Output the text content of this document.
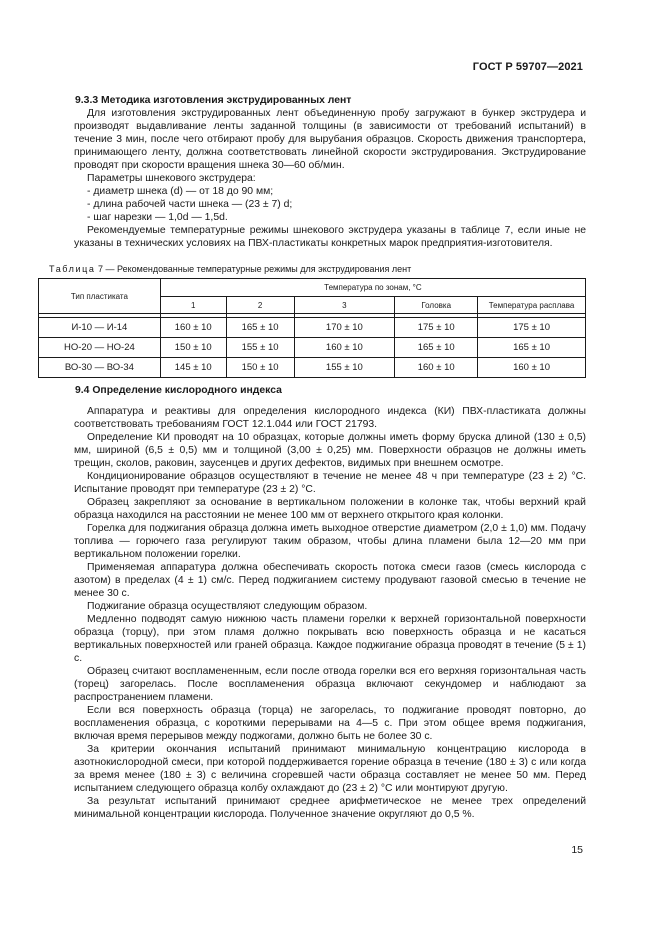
ГОСТ Р 59707—2021

9.3.3 Методика изготовления экструдированных лент

Для изготовления экструдированных лент объединенную пробу загружают в бункер экструдера и производят выдавливание ленты заданной толщины (в зависимости от требований испытаний) в течение 3 мин, после чего отбирают пробу для вырубания образцов. Скорость движения транспортера, принимающего ленту, должна соответствовать линейной скорости экструдирования. Экструдирование проводят при скорости вращения шнека 30—60 об/мин.

Параметры шнекового экструдера:

- диаметр шнека (d) — от 18 до 90 мм;

- длина рабочей части шнека — (23 ± 7) d;

- шаг нарезки — 1,0d — 1,5d.

Рекомендуемые температурные режимы шнекового экструдера указаны в таблице 7, если иные не указаны в технических условиях на ПВХ-пластикаты конкретных марок предприятия-изготовителя.

Таблица 7 — Рекомендованные температурные режимы для экструдирования лент
Тип пластиката	Температура по зонам, °С				
	1	2	3	Головка	Температура расплава

И-10 — И-14	160 ± 10	165 ± 10	170 ± 10	175 ± 10	175 ± 10
НО-20 — НО-24	150 ± 10	155 ± 10	160 ± 10	165 ± 10	165 ± 10
ВО-30 — ВО-34	145 ± 10	150 ± 10	155 ± 10	160 ± 10	160 ± 10

9.4 Определение кислородного индекса

Аппаратура и реактивы для определения кислородного индекса (КИ) ПВХ-пластиката должны соответствовать требованиям ГОСТ 12.1.044 или ГОСТ 21793.

Определение КИ проводят на 10 образцах, которые должны иметь форму бруска длиной (130 ± 0,5) мм, шириной (6,5 ± 0,5) мм и толщиной (3,00 ± 0,25) мм. Поверхности образцов не должны иметь трещин, сколов, раковин, заусенцев и других дефектов, видимых при внешнем осмотре.

Кондиционирование образцов осуществляют в течение не менее 48 ч при температуре (23 ± 2) °С. Испытание проводят при температуре (23 ± 2) °С.

Образец закрепляют за основание в вертикальном положении в колонке так, чтобы верхний край образца находился на расстоянии не менее 100 мм от верхнего открытого края колонки.

Горелка для поджигания образца должна иметь выходное отверстие диаметром (2,0 ± 1,0) мм. Подачу топлива — горючего газа регулируют таким образом, чтобы длина пламени была 12—20 мм при вертикальном положении горелки.

Применяемая аппаратура должна обеспечивать скорость потока смеси газов (смесь кислорода с азотом) в пределах (4 ± 1) см/с. Перед поджиганием систему продувают газовой смесью в течение не менее 30 с.

Поджигание образца осуществляют следующим образом.

Медленно подводят самую нижнюю часть пламени горелки к верхней горизонтальной поверхности образца (торцу), при этом пламя должно покрывать всю поверхность образца и не касаться вертикальных поверхностей или граней образца. Каждое поджигание образца проводят в течение (5 ± 1) с.

Образец считают воспламененным, если после отвода горелки вся его верхняя горизонтальная часть (торец) загорелась. После воспламенения образца включают секундомер и наблюдают за распространением пламени.

Если вся поверхность образца (торца) не загорелась, то поджигание проводят повторно, до воспламенения образца, с короткими перерывами на 4—5 с. При этом общее время поджигания, включая время перерывов между поджогами, должно быть не более 30 с.

За критерии окончания испытаний принимают минимальную концентрацию кислорода в азотнокислородной смеси, при которой поддерживается горение образца в течение (180 ± 3) с или когда за время менее (180 ± 3) с величина сгоревшей части образца составляет не менее 50 мм. Перед испытанием следующего образца колбу охлаждают до (23 ± 2) °С или монтируют другую.

За результат испытаний принимают среднее арифметическое не менее трех определений минимальной концентрации кислорода. Полученное значение округляют до 0,5 %.

15
